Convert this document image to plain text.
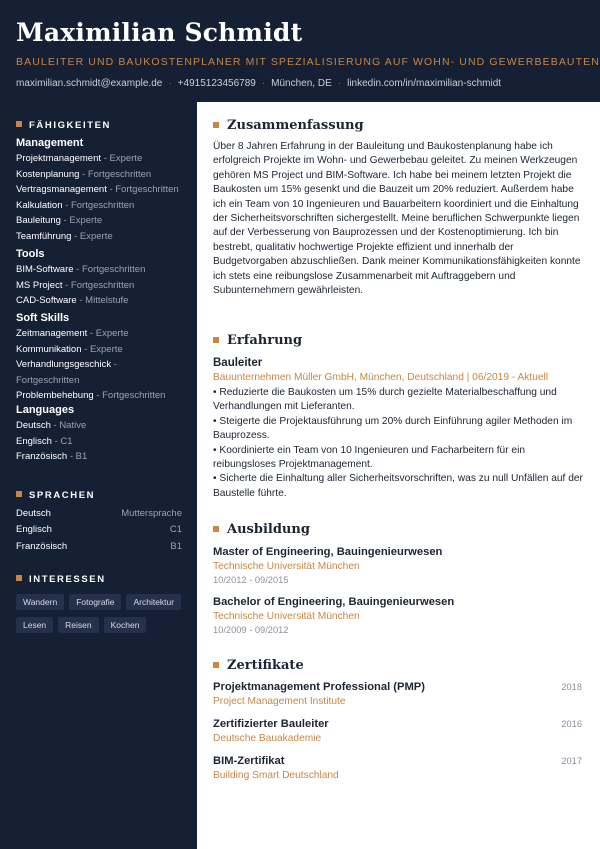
Maximilian Schmidt
BAULEITER UND BAUKOSTENPLANER MIT SPEZIALISIERUNG AUF WOHN- UND GEWERBEBAUTEN
maximilian.schmidt@example.de · +4915123456789 · München, DE · linkedin.com/in/maximilian-schmidt
FÄHIGKEITEN
Management
Projektmanagement - Experte
Kostenplanung - Fortgeschritten
Vertragsmanagement - Fortgeschritten
Kalkulation - Fortgeschritten
Bauleitung - Experte
Teamführung - Experte
Tools
BIM-Software - Fortgeschritten
MS Project - Fortgeschritten
CAD-Software - Mittelstufe
Soft Skills
Zeitmanagement - Experte
Kommunikation - Experte
Verhandlungsgeschick - Fortgeschritten
Problembehebung - Fortgeschritten
Languages
Deutsch - Native
Englisch - C1
Französisch - B1
SPRACHEN
Deutsch	Muttersprache
Englisch	C1
Französisch	B1
INTERESSEN
Wandern Fotografie Architektur
Lesen Reisen Kochen
Zusammenfassung
Über 8 Jahren Erfahrung in der Bauleitung und Baukostenplanung habe ich erfolgreich Projekte im Wohn- und Gewerbebau geleitet. Zu meinen Werkzeugen gehören MS Project und BIM-Software. Ich habe bei meinem letzten Projekt die Baukosten um 15% gesenkt und die Bauzeit um 20% reduziert. Außerdem habe ich ein Team von 10 Ingenieuren und Bauarbeitern koordiniert und die Einhaltung der Sicherheitsvorschriften sichergestellt. Meine beruflichen Schwerpunkte liegen auf der Verbesserung von Bauprozessen und der Kostenoptimierung. Ich bin bestrebt, qualitativ hochwertige Projekte effizient und innerhalb der Budgetvorgaben abzuschließen. Dank meiner Kommunikationsfähigkeiten konnte ich stets eine reibungslose Zusammenarbeit mit Auftraggebern und Subunternehmern gewährleisten.
Erfahrung
Bauleiter
Bauunternehmen Müller GmbH, München, Deutschland | 06/2019 - Aktuell
• Reduzierte die Baukosten um 15% durch gezielte Materialbeschaffung und Verhandlungen mit Lieferanten.
• Steigerte die Projektausführung um 20% durch Einführung agiler Methoden im Bauprozess.
• Koordinierte ein Team von 10 Ingenieuren und Facharbeitern für ein reibungsloses Projektmanagement.
• Sicherte die Einhaltung aller Sicherheitsvorschriften, was zu null Unfällen auf der Baustelle führte.
Ausbildung
Master of Engineering, Bauingenieurwesen
Technische Universität München
10/2012 - 09/2015
Bachelor of Engineering, Bauingenieurwesen
Technische Universität München
10/2009 - 09/2012
Zertifikate
Projektmanagement Professional (PMP)	2018
Project Management Institute
Zertifizierter Bauleiter	2016
Deutsche Bauakademie
BIM-Zertifikat	2017
Building Smart Deutschland
